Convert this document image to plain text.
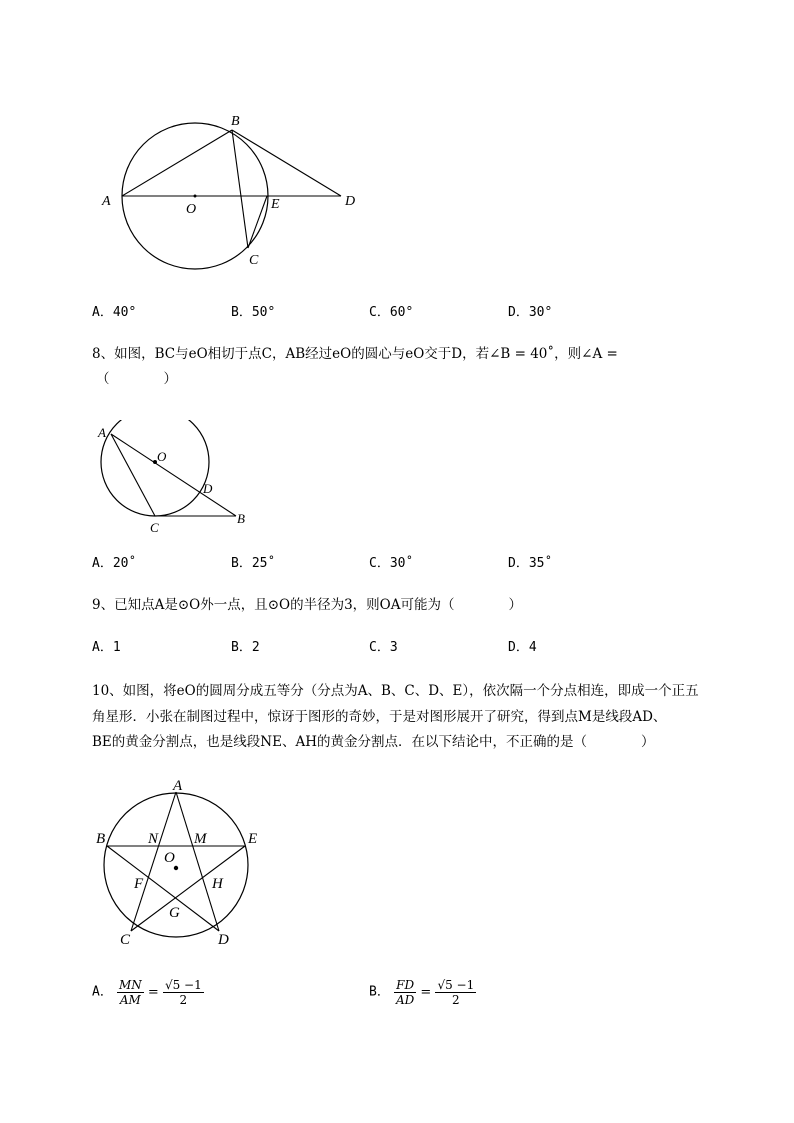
A
B
O	E	D
C
A．40°	B．50°	C．60°	D．30°
8、如图，BC与eO相切于点C，AB经过eO的圆心与eO交于D，若∠B = 40˚，则∠A =
（　　　　）
A
O
D
C
B
A．20˚	B．25˚	C．30˚	D．35˚
9、已知点A是⊙O外一点，且⊙O的半径为3，则OA可能为（　　　　）
A．1	B．2	C．3	D．4
10、如图，将eO的圆周分成五等分（分点为A、B、C、D、E），依次隔一个分点相连，即成一个正五
角星形．小张在制图过程中，惊讶于图形的奇妙，于是对图形展开了研究，得到点M是线段AD、
BE的黄金分割点，也是线段NE、AH的黄金分割点．在以下结论中，不正确的是（　　　　）
A
B	E
N M
O
F	H
G
C	D
A． $\frac{MN}{AM} = \frac{√5 -1}{2}$	B． $\frac{FD}{AD} = \frac{√5 -1}{2}$
